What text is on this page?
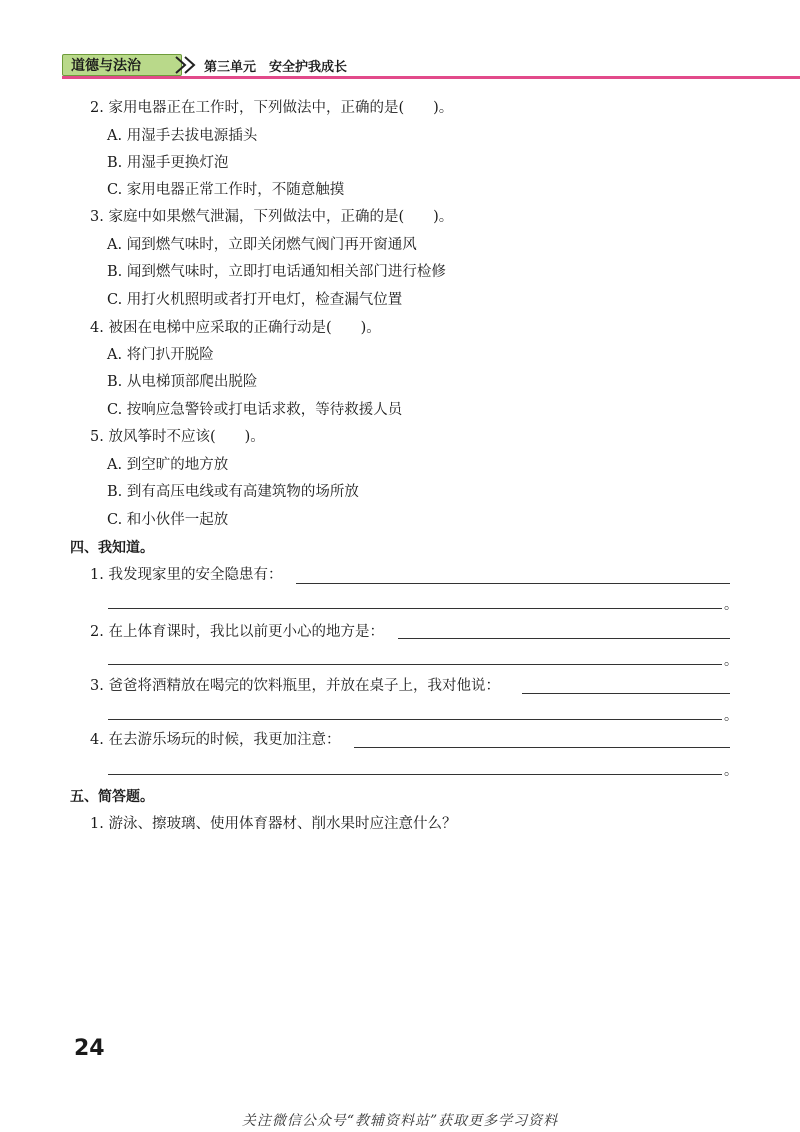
道德与法治	第三单元　安全护我成长
2. 家用电器正在工作时，下列做法中，正确的是(　　)。
A. 用湿手去拔电源插头
B. 用湿手更换灯泡
C. 家用电器正常工作时，不随意触摸
3. 家庭中如果燃气泄漏，下列做法中，正确的是(　　)。
A. 闻到燃气味时，立即关闭燃气阀门再开窗通风
B. 闻到燃气味时，立即打电话通知相关部门进行检修
C. 用打火机照明或者打开电灯，检查漏气位置
4. 被困在电梯中应采取的正确行动是(　　)。
A. 将门扒开脱险
B. 从电梯顶部爬出脱险
C. 按响应急警铃或打电话求救，等待救援人员
5. 放风筝时不应该(　　)。
A. 到空旷的地方放
B. 到有高压电线或有高建筑物的场所放
C. 和小伙伴一起放
四、我知道。
1. 我发现家里的安全隐患有：
。
2. 在上体育课时，我比以前更小心的地方是：
。
3. 爸爸将酒精放在喝完的饮料瓶里，并放在桌子上，我对他说：
。
4. 在去游乐场玩的时候，我更加注意：
。
五、简答题。
1. 游泳、擦玻璃、使用体育器材、削水果时应注意什么？
24
关注微信公众号“教辅资料站”获取更多学习资料
